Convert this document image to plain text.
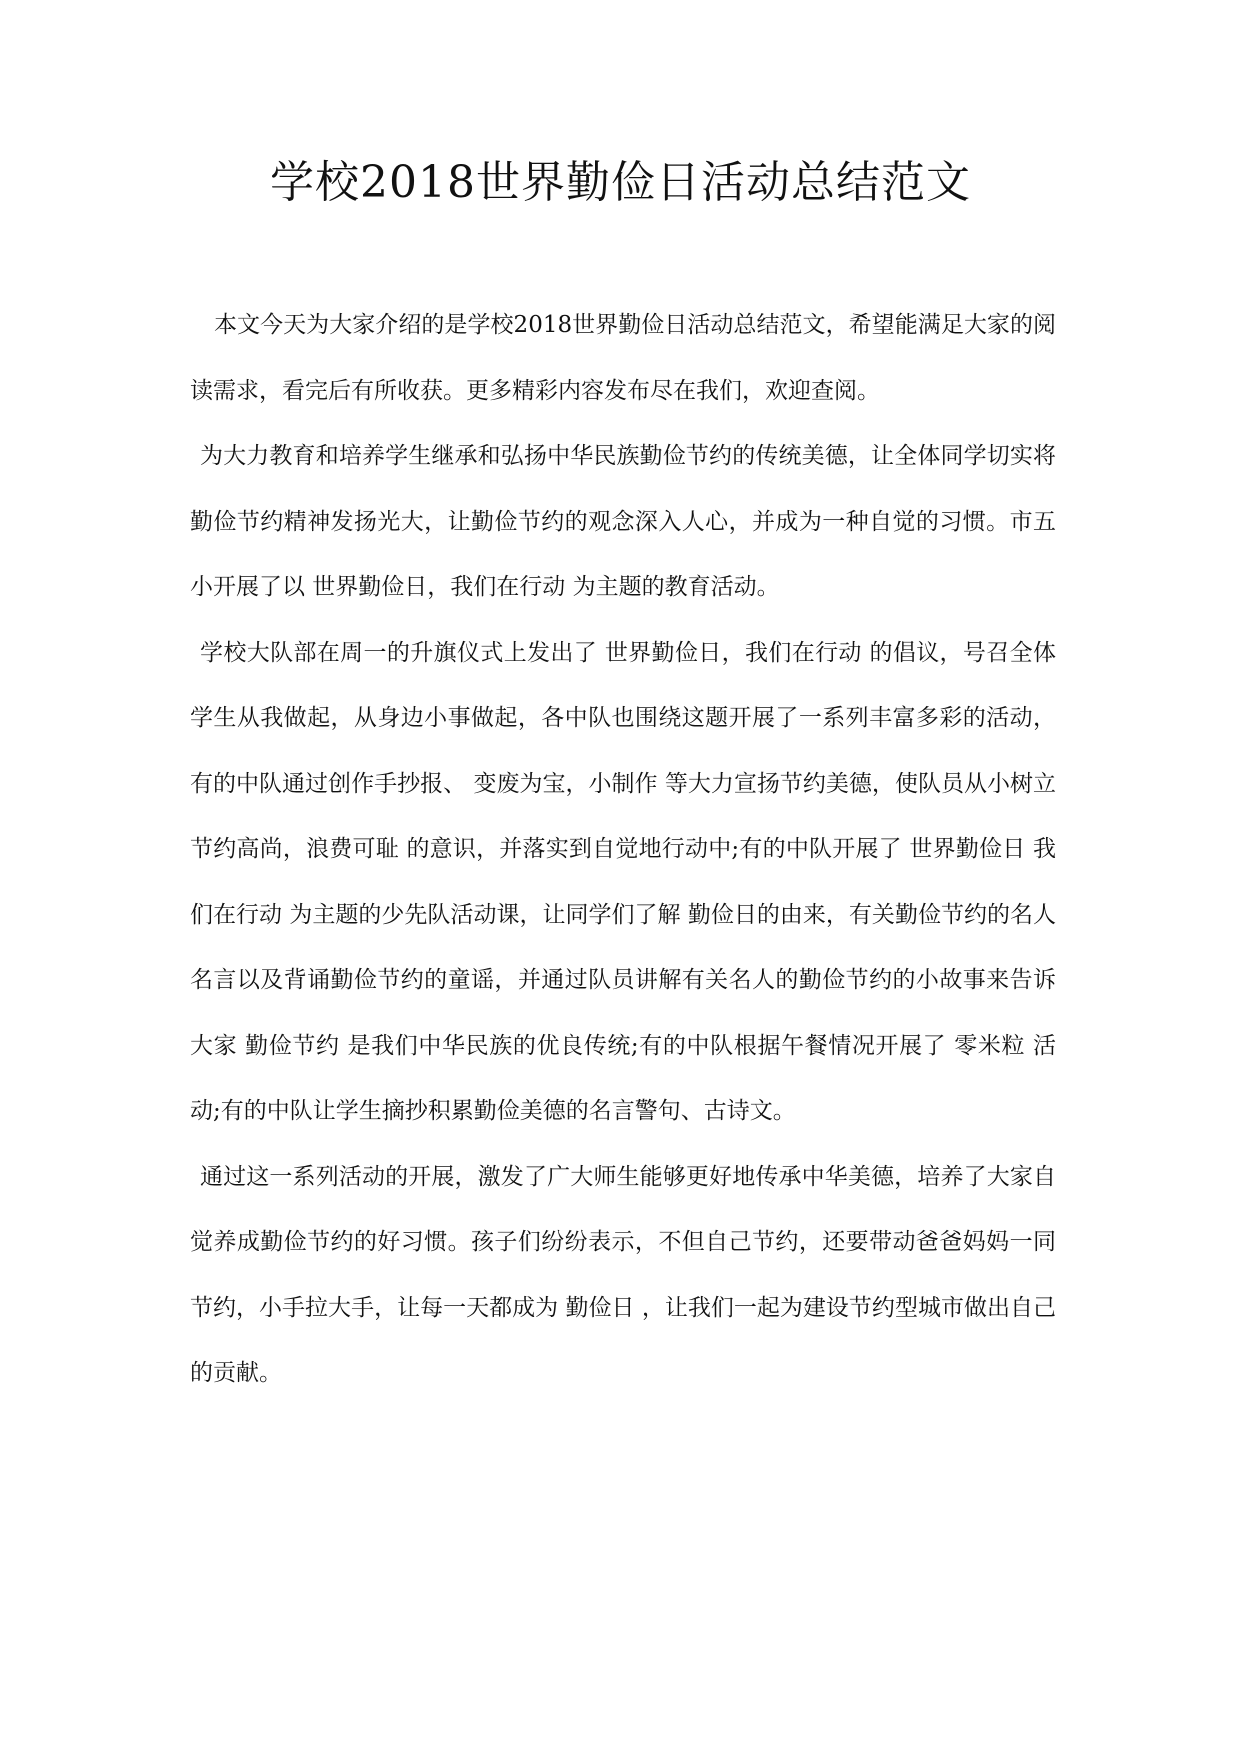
学校2018世界勤俭日活动总结范文

本文今天为大家介绍的是学校2018世界勤俭日活动总结范文，希望能满足大家的阅读需求，看完后有所收获。更多精彩内容发布尽在我们，欢迎查阅。

为大力教育和培养学生继承和弘扬中华民族勤俭节约的传统美德，让全体同学切实将勤俭节约精神发扬光大，让勤俭节约的观念深入人心，并成为一种自觉的习惯。市五小开展了以 世界勤俭日，我们在行动 为主题的教育活动。

学校大队部在周一的升旗仪式上发出了 世界勤俭日，我们在行动 的倡议，号召全体学生从我做起，从身边小事做起，各中队也围绕这题开展了一系列丰富多彩的活动，有的中队通过创作手抄报、 变废为宝，小制作 等大力宣扬节约美德，使队员从小树立 节约高尚，浪费可耻 的意识，并落实到自觉地行动中;有的中队开展了 世界勤俭日 我们在行动 为主题的少先队活动课，让同学们了解 勤俭日的由来，有关勤俭节约的名人名言以及背诵勤俭节约的童谣，并通过队员讲解有关名人的勤俭节约的小故事来告诉大家 勤俭节约 是我们中华民族的优良传统;有的中队根据午餐情况开展了 零米粒 活动;有的中队让学生摘抄积累勤俭美德的名言警句、古诗文。

通过这一系列活动的开展，激发了广大师生能够更好地传承中华美德，培养了大家自觉养成勤俭节约的好习惯。孩子们纷纷表示，不但自己节约，还要带动爸爸妈妈一同节约，小手拉大手，让每一天都成为 勤俭日 ，让我们一起为建设节约型城市做出自己的贡献。
